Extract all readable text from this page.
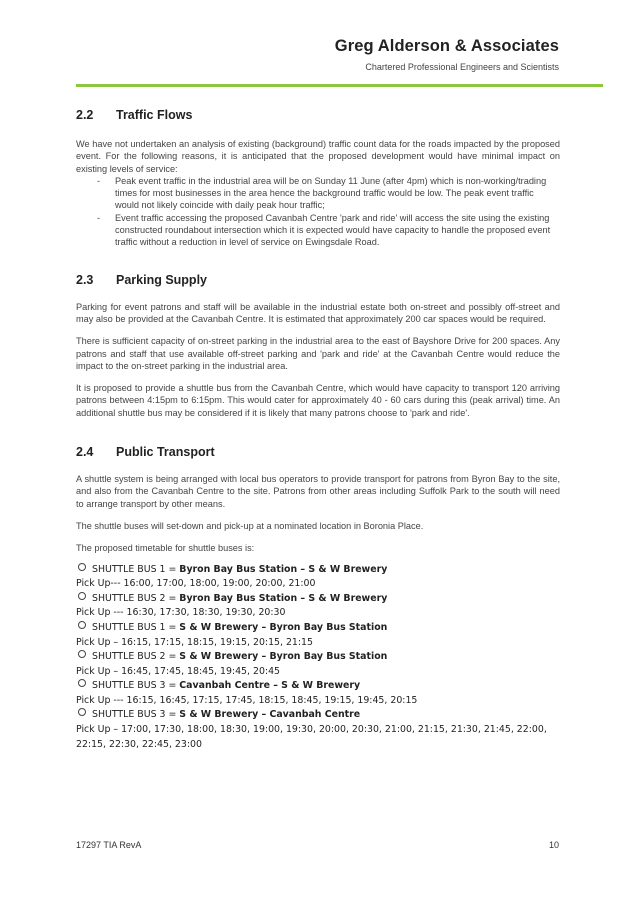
Greg Alderson & Associates
Chartered Professional Engineers and Scientists
2.2	Traffic Flows

We have not undertaken an analysis of existing (background) traffic count data for the roads impacted by the proposed event. For the following reasons, it is anticipated that the proposed development would have minimal impact on existing levels of service:

- Peak event traffic in the industrial area will be on Sunday 11 June (after 4pm) which is non-working/trading times for most businesses in the area hence the background traffic would be low. The peak event traffic would not likely coincide with daily peak hour traffic;
- Event traffic accessing the proposed Cavanbah Centre 'park and ride' will access the site using the existing constructed roundabout intersection which it is expected would have capacity to handle the proposed event traffic without a reduction in level of service on Ewingsdale Road.
2.3	Parking Supply

Parking for event patrons and staff will be available in the industrial estate both on-street and possibly off-street and may also be provided at the Cavanbah Centre. It is estimated that approximately 200 car spaces would be required.

There is sufficient capacity of on-street parking in the industrial area to the east of Bayshore Drive for 200 spaces. Any patrons and staff that use available off-street parking and 'park and ride' at the Cavanbah Centre would reduce the impact to the on-street parking in the industrial area.

It is proposed to provide a shuttle bus from the Cavanbah Centre, which would have capacity to transport 120 arriving patrons between 4:15pm to 6:15pm. This would cater for approximately 40 - 60 cars during this (peak arrival) time. An additional shuttle bus may be considered if it is likely that many patrons choose to 'park and ride'.

2.4	Public Transport

A shuttle system is being arranged with local bus operators to provide transport for patrons from Byron Bay to the site, and also from the Cavanbah Centre to the site. Patrons from other areas including Suffolk Park to the south will need to arrange transport by other means.

The shuttle buses will set-down and pick-up at a nominated location in Boronia Place.

The proposed timetable for shuttle buses is:

SHUTTLE BUS 1 = Byron Bay Bus Station – S & W Brewery
Pick Up--- 16:00, 17:00, 18:00, 19:00, 20:00, 21:00
SHUTTLE BUS 2 = Byron Bay Bus Station – S & W Brewery
Pick Up --- 16:30, 17:30, 18:30, 19:30, 20:30
SHUTTLE BUS 1 = S & W Brewery – Byron Bay Bus Station
Pick Up – 16:15, 17:15, 18:15, 19:15, 20:15, 21:15
SHUTTLE BUS 2 = S & W Brewery – Byron Bay Bus Station
Pick Up – 16:45, 17:45, 18:45, 19:45, 20:45
SHUTTLE BUS 3 = Cavanbah Centre – S & W Brewery
Pick Up --- 16:15, 16:45, 17:15, 17:45, 18:15, 18:45, 19:15, 19:45, 20:15
SHUTTLE BUS 3 = S & W Brewery – Cavanbah Centre
Pick Up – 17:00, 17:30, 18:00, 18:30, 19:00, 19:30, 20:00, 20:30, 21:00, 21:15, 21:30, 21:45, 22:00, 22:15, 22:30, 22:45, 23:00
17297 TIA RevA	10
